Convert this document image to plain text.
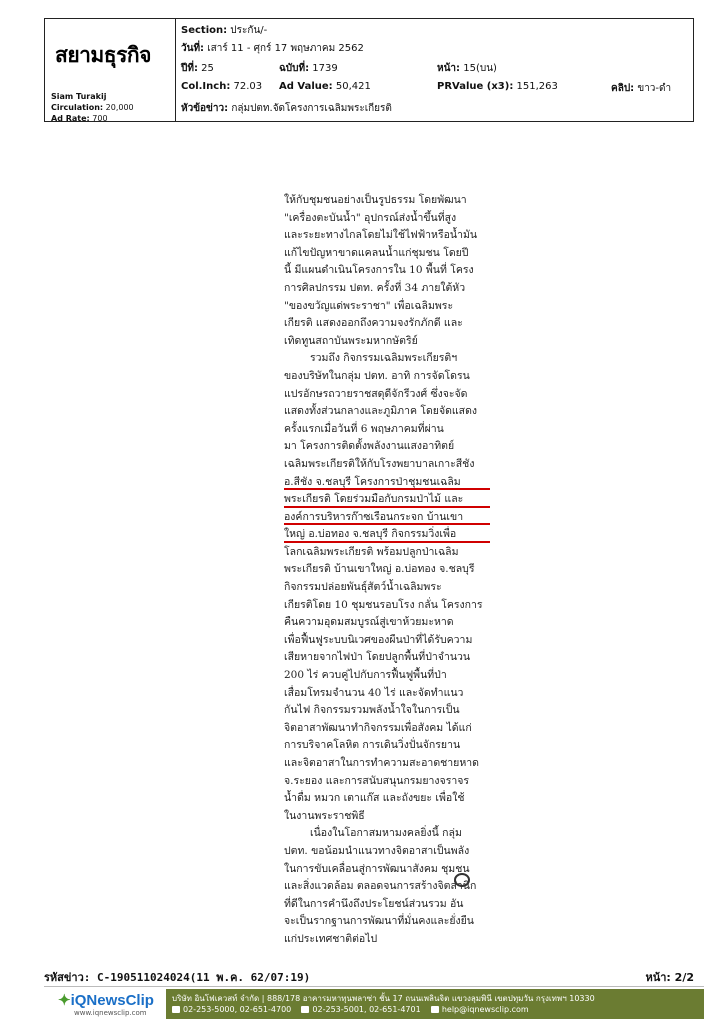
สยามธุรกิจ
Siam Turakij
Circulation: 20,000
Ad Rate: 700
Section: ประกัน/-
วันที่: เสาร์ 11 - ศุกร์ 17 พฤษภาคม 2562
ปีที่: 25	ฉบับที่: 1739	หน้า: 15(บน)
Col.Inch: 72.03 Ad Value: 50,421	PRValue (x3): 151,263	คลิป: ขาว-ดำ
หัวข้อข่าว: กลุ่มปตท.จัดโครงการเฉลิมพระเกียรติ
ให้กับชุมชนอย่างเป็นรูปธรรม โดยพัฒนา
"เครื่องตะบันน้ำ" อุปกรณ์ส่งน้ำขึ้นที่สูง
และระยะทางไกลโดยไม่ใช้ไฟฟ้าหรือน้ำมัน
แก้ไขปัญหาขาดแคลนน้ำแก่ชุมชน โดยปี
นี้ มีแผนดำเนินโครงการใน 10 พื้นที่ โครง
การศิลปกรรม ปตท. ครั้งที่ 34 ภายใต้หัว
"ของขวัญแด่พระราชา" เพื่อเฉลิมพระ
เกียรติ แสดงออกถึงความจงรักภักดี และ
เทิดทูนสถาบันพระมหากษัตริย์
รวมถึง กิจกรรมเฉลิมพระเกียรติฯ
ของบริษัทในกลุ่ม ปตท. อาทิ การจัดโดรน
แปรอักษรถวายราชสดุดีจักรีวงศ์ ซึ่งจะจัด
แสดงทั้งส่วนกลางและภูมิภาค โดยจัดแสดง
ครั้งแรกเมื่อวันที่ 6 พฤษภาคมที่ผ่าน
มา โครงการติดตั้งพลังงานแสงอาทิตย์
เฉลิมพระเกียรติให้กับโรงพยาบาลเกาะสีชัง
อ.สีชัง จ.ชลบุรี โครงการป่าชุมชนเฉลิม
พระเกียรติ โดยร่วมมือกับกรมป่าไม้ และ
องค์การบริหารก๊าซเรือนกระจก บ้านเขา
ใหญ่ อ.บ่อทอง จ.ชลบุรี กิจกรรมวิ่งเพื่อ
โลกเฉลิมพระเกียรติ พร้อมปลูกป่าเฉลิม
พระเกียรติ บ้านเขาใหญ่ อ.บ่อทอง จ.ชลบุรี
กิจกรรมปล่อยพันธุ์สัตว์น้ำเฉลิมพระ
เกียรติโดย 10 ชุมชนรอบโรง กลั่น โครงการ
คืนความอุดมสมบูรณ์สู่เขาห้วยมะหาด
เพื่อฟื้นฟูระบบนิเวศของผืนป่าที่ได้รับความ
เสียหายจากไฟป่า โดยปลูกพื้นที่ป่าจำนวน
200 ไร่ ควบคู่ไปกับการฟื้นฟูพื้นที่ป่า
เสื่อมโทรมจำนวน 40 ไร่ และจัดทำแนว
กันไฟ กิจกรรมรวมพลังน้ำใจในการเป็น
จิตอาสาพัฒนาทำกิจกรรมเพื่อสังคม ได้แก่
การบริจาคโลหิต การเดินวิ่งปั่นจักรยาน
และจิตอาสาในการทำความสะอาดชายหาด
จ.ระยอง และการสนับสนุนกรมยางจราจร
น้ำดื่ม หมวก เตาแก๊ส และถังขยะ เพื่อใช้
ในงานพระราชพิธี
เนื่องในโอกาสมหามงคลยิ่งนี้ กลุ่ม
ปตท. ขอน้อมนำแนวทางจิตอาสาเป็นพลัง
ในการขับเคลื่อนสู่การพัฒนาสังคม ชุมชน
และสิ่งแวดล้อม ตลอดจนการสร้างจิตสำนึก
ที่ดีในการคำนึงถึงประโยชน์ส่วนรวม อัน
จะเป็นรากฐานการพัฒนาที่มั่นคงและยั่งยืน
แก่ประเทศชาติต่อไป
รหัสข่าว: C-190511024024(11 พ.ค. 62/07:19)	หน้า: 2/2
✦iQNewsClip
www.iqnewsclip.com
บริษัท อินโฟเควสท์ จำกัด | 888/178 อาคารมหาทุนพลาซ่า ชั้น 17 ถนนเพลินจิต แขวงลุมพินี เขตปทุมวัน กรุงเทพฯ 10330
02-253-5000, 02-651-4700	02-253-5001, 02-651-4701	help@iqnewsclip.com
